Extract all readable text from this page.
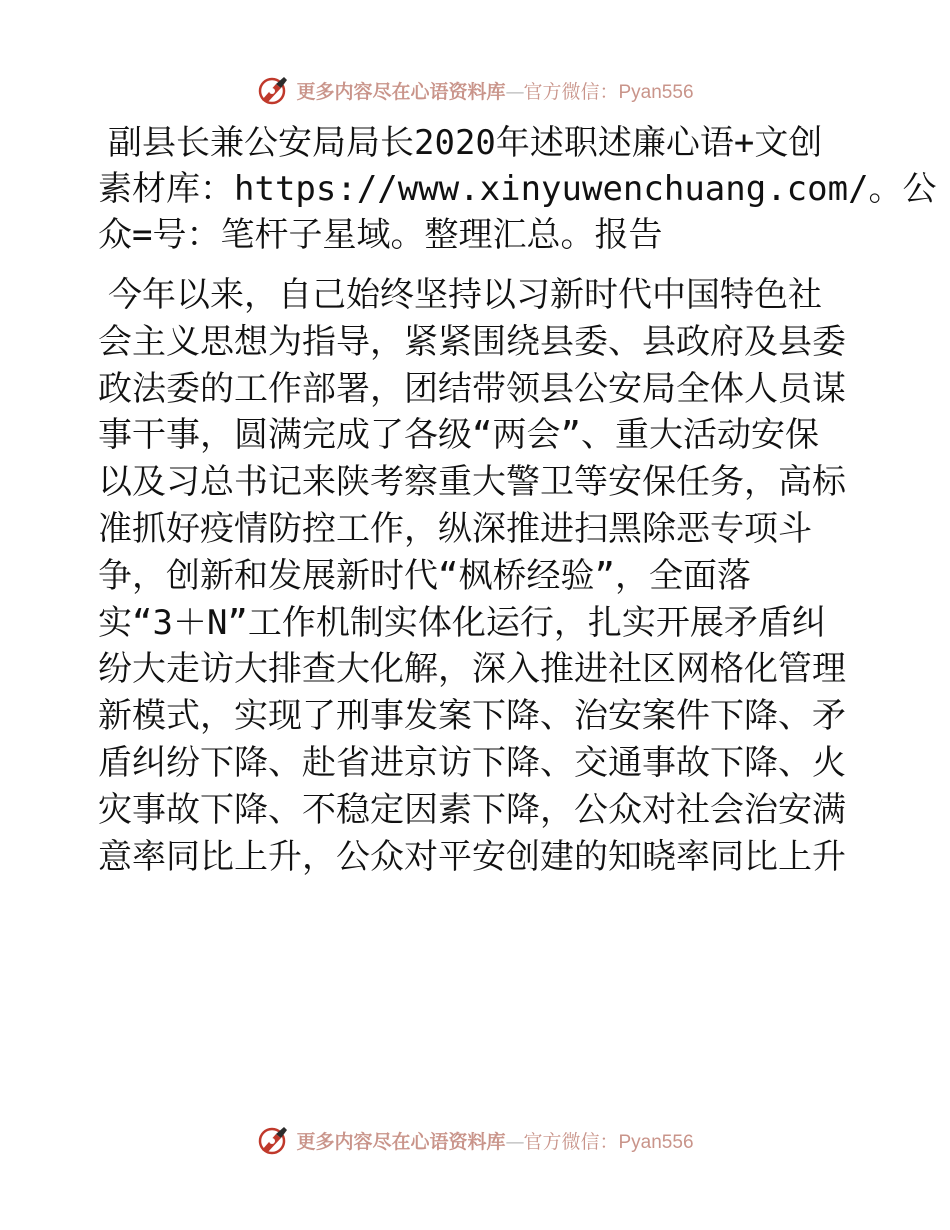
更多内容尽在心语资料库—官方微信：Pyan556
副县长兼公安局局长2020年述职述廉心语+文创
素材库：https://www.xinyuwenchuang.com/。公
众=号：笔杆子星域。整理汇总。报告
今年以来，自己始终坚持以习新时代中国特色社
会主义思想为指导，紧紧围绕县委、县政府及县委
政法委的工作部署，团结带领县公安局全体人员谋
事干事，圆满完成了各级“两会”、重大活动安保
以及习总书记来陕考察重大警卫等安保任务，高标
准抓好疫情防控工作，纵深推进扫黑除恶专项斗
争，创新和发展新时代“枫桥经验”，全面落
实“3＋N”工作机制实体化运行，扎实开展矛盾纠
纷大走访大排查大化解，深入推进社区网格化管理
新模式，实现了刑事发案下降、治安案件下降、矛
盾纠纷下降、赴省进京访下降、交通事故下降、火
灾事故下降、不稳定因素下降，公众对社会治安满
意率同比上升，公众对平安创建的知晓率同比上升
更多内容尽在心语资料库—官方微信：Pyan556
